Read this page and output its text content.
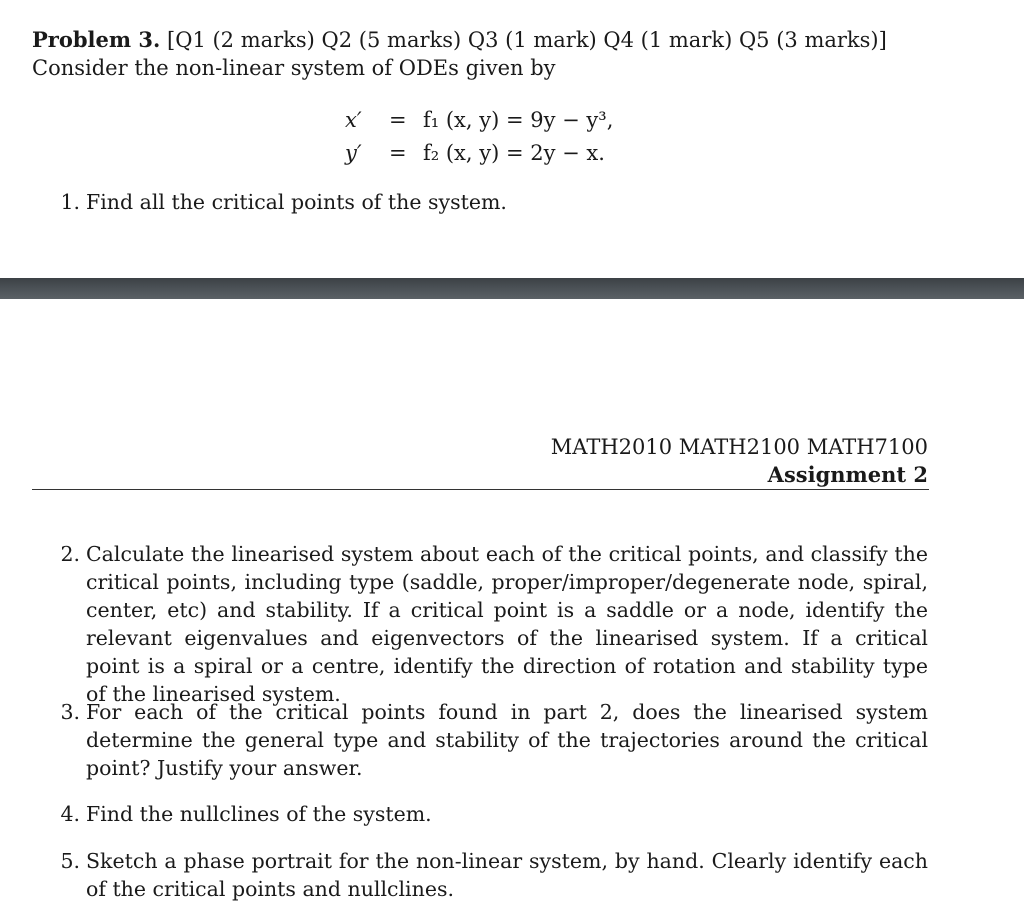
Problem 3. [Q1 (2 marks) Q2 (5 marks) Q3 (1 mark) Q4 (1 mark) Q5 (3 marks)]
Consider the non-linear system of ODEs given by
x′ = f₁ (x, y) = 9y − y³,
y′ = f₂ (x, y) = 2y − x.
1. Find all the critical points of the system.
MATH2010 MATH2100 MATH7100
Assignment 2
2. Calculate the linearised system about each of the critical points, and classify the critical points, including type (saddle, proper/improper/degenerate node, spiral, center, etc) and stability. If a critical point is a saddle or a node, identify the relevant eigenvalues and eigenvectors of the linearised system. If a critical point is a spiral or a centre, identify the direction of rotation and stability type of the linearised system.
3. For each of the critical points found in part 2, does the linearised system determine the general type and stability of the trajectories around the critical point? Justify your answer.
4. Find the nullclines of the system.
5. Sketch a phase portrait for the non-linear system, by hand. Clearly identify each of the critical points and nullclines.
